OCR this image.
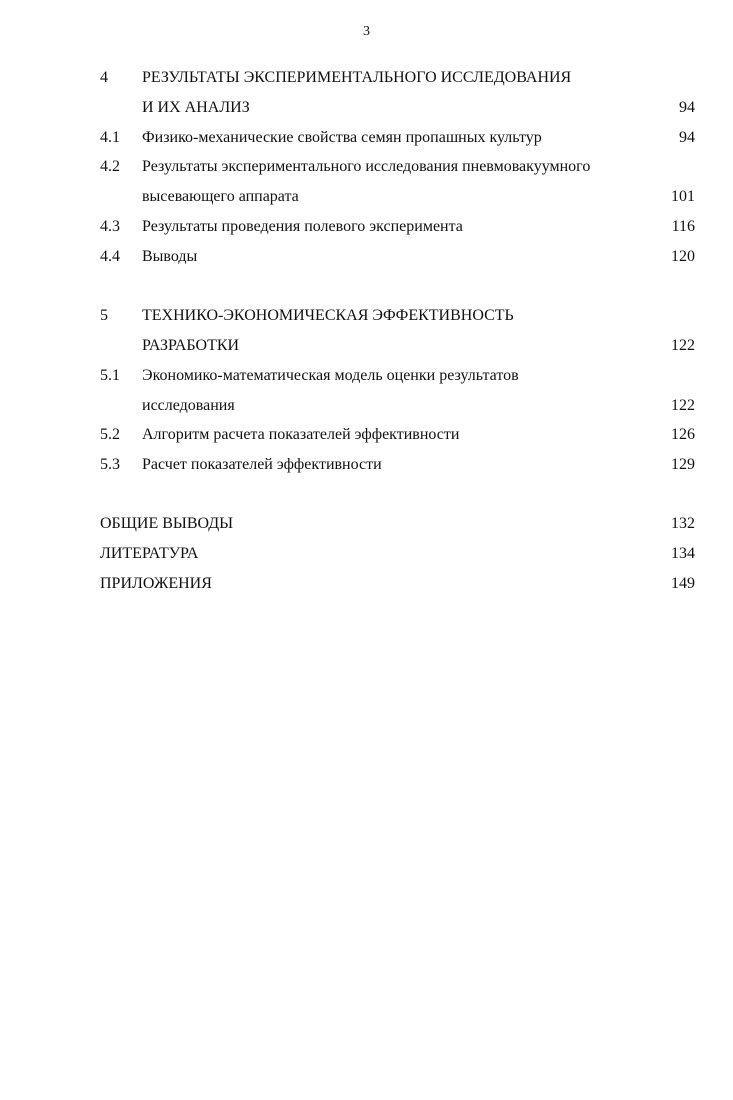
3
4 РЕЗУЛЬТАТЫ ЭКСПЕРИМЕНТАЛЬНОГО ИССЛЕДОВАНИЯ
И ИХ АНАЛИЗ	94
4.1 Физико-механические свойства семян пропашных культур	94
4.2 Результаты экспериментального исследования пневмовакуумного
высевающего аппарата	101
4.3 Результаты проведения полевого эксперимента	116
4.4 Выводы	120
5 ТЕХНИКО-ЭКОНОМИЧЕСКАЯ ЭФФЕКТИВНОСТЬ
РАЗРАБОТКИ	122
5.1 Экономико-математическая модель оценки результатов
исследования	122
5.2 Алгоритм расчета показателей эффективности	126
5.3 Расчет показателей эффективности	129
ОБЩИЕ ВЫВОДЫ	132
ЛИТЕРАТУРА	134
ПРИЛОЖЕНИЯ	149
